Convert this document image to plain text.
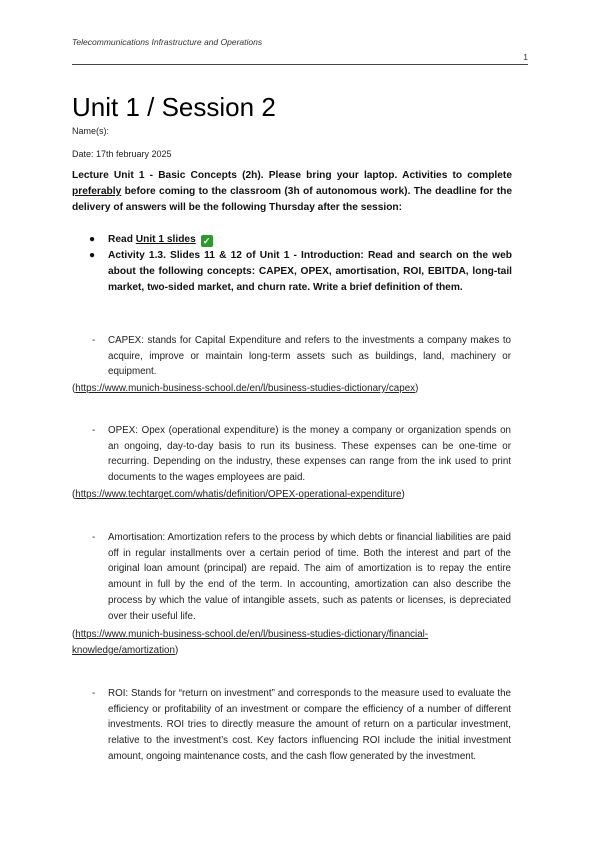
Telecommunications Infrastructure and Operations
1
Unit 1 / Session 2
Name(s):
Date: 17th february 2025

Lecture Unit 1 - Basic Concepts (2h). Please bring your laptop. Activities to complete preferably before coming to the classroom (3h of autonomous work). The deadline for the delivery of answers will be the following Thursday after the session:

● Read Unit 1 slides ✓
● Activity 1.3. Slides 11 & 12 of Unit 1 - Introduction: Read and search on the web about the following concepts: CAPEX, OPEX, amortisation, ROI, EBITDA, long-tail market, two-sided market, and churn rate. Write a brief definition of them.
- CAPEX: stands for Capital Expenditure and refers to the investments a company makes to acquire, improve or maintain long-term assets such as buildings, land, machinery or equipment.
(https://www.munich-business-school.de/en/l/business-studies-dictionary/capex)
- OPEX: Opex (operational expenditure) is the money a company or organization spends on an ongoing, day-to-day basis to run its business. These expenses can be one-time or recurring. Depending on the industry, these expenses can range from the ink used to print documents to the wages employees are paid.
(https://www.techtarget.com/whatis/definition/OPEX-operational-expenditure)
- Amortisation: Amortization refers to the process by which debts or financial liabilities are paid off in regular installments over a certain period of time. Both the interest and part of the original loan amount (principal) are repaid. The aim of amortization is to repay the entire amount in full by the end of the term. In accounting, amortization can also describe the process by which the value of intangible assets, such as patents or licenses, is depreciated over their useful life.
(https://www.munich-business-school.de/en/l/business-studies-dictionary/financial-knowledge/amortization)
- ROI: Stands for “return on investment” and corresponds to the measure used to evaluate the efficiency or profitability of an investment or compare the efficiency of a number of different investments. ROI tries to directly measure the amount of return on a particular investment, relative to the investment’s cost. Key factors influencing ROI include the initial investment amount, ongoing maintenance costs, and the cash flow generated by the investment.
